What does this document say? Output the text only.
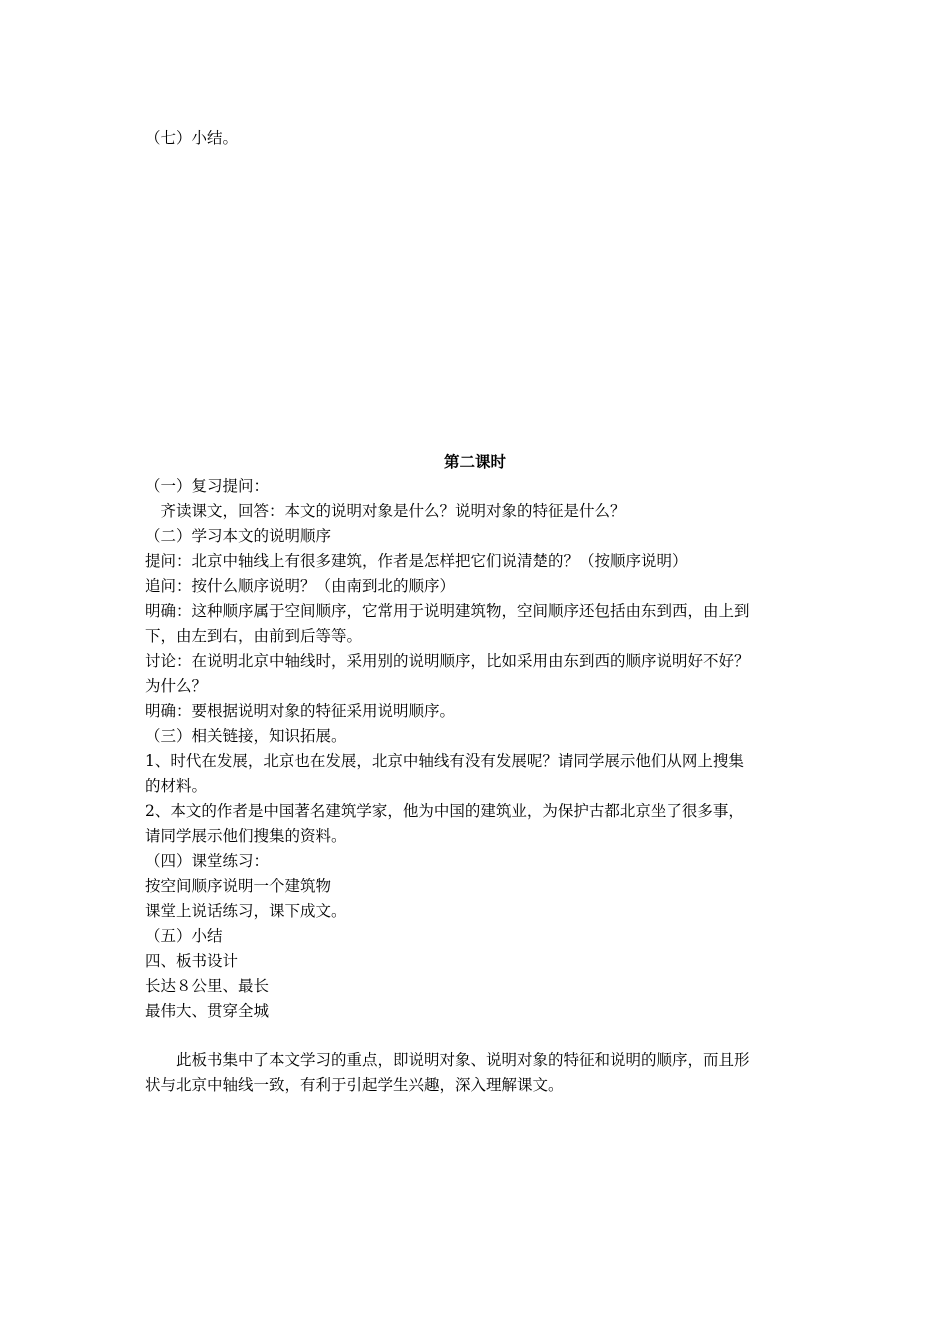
（七）小结。
第二课时
（一）复习提问：
　齐读课文，回答：本文的说明对象是什么？说明对象的特征是什么？
（二）学习本文的说明顺序
提问：北京中轴线上有很多建筑，作者是怎样把它们说清楚的？（按顺序说明）
追问：按什么顺序说明？（由南到北的顺序）
明确：这种顺序属于空间顺序，它常用于说明建筑物，空间顺序还包括由东到西，由上到
下，由左到右，由前到后等等。
讨论：在说明北京中轴线时，采用别的说明顺序，比如采用由东到西的顺序说明好不好？
为什么？
明确：要根据说明对象的特征采用说明顺序。
（三）相关链接，知识拓展。
1、时代在发展，北京也在发展，北京中轴线有没有发展呢？请同学展示他们从网上搜集
的材料。
2、本文的作者是中国著名建筑学家，他为中国的建筑业，为保护古都北京坐了很多事，
请同学展示他们搜集的资料。
（四）课堂练习：
按空间顺序说明一个建筑物
课堂上说话练习，课下成文。
（五）小结
四、板书设计
长达８公里、最长
最伟大、贯穿全城
　　此板书集中了本文学习的重点，即说明对象、说明对象的特征和说明的顺序，而且形
状与北京中轴线一致，有利于引起学生兴趣，深入理解课文。
